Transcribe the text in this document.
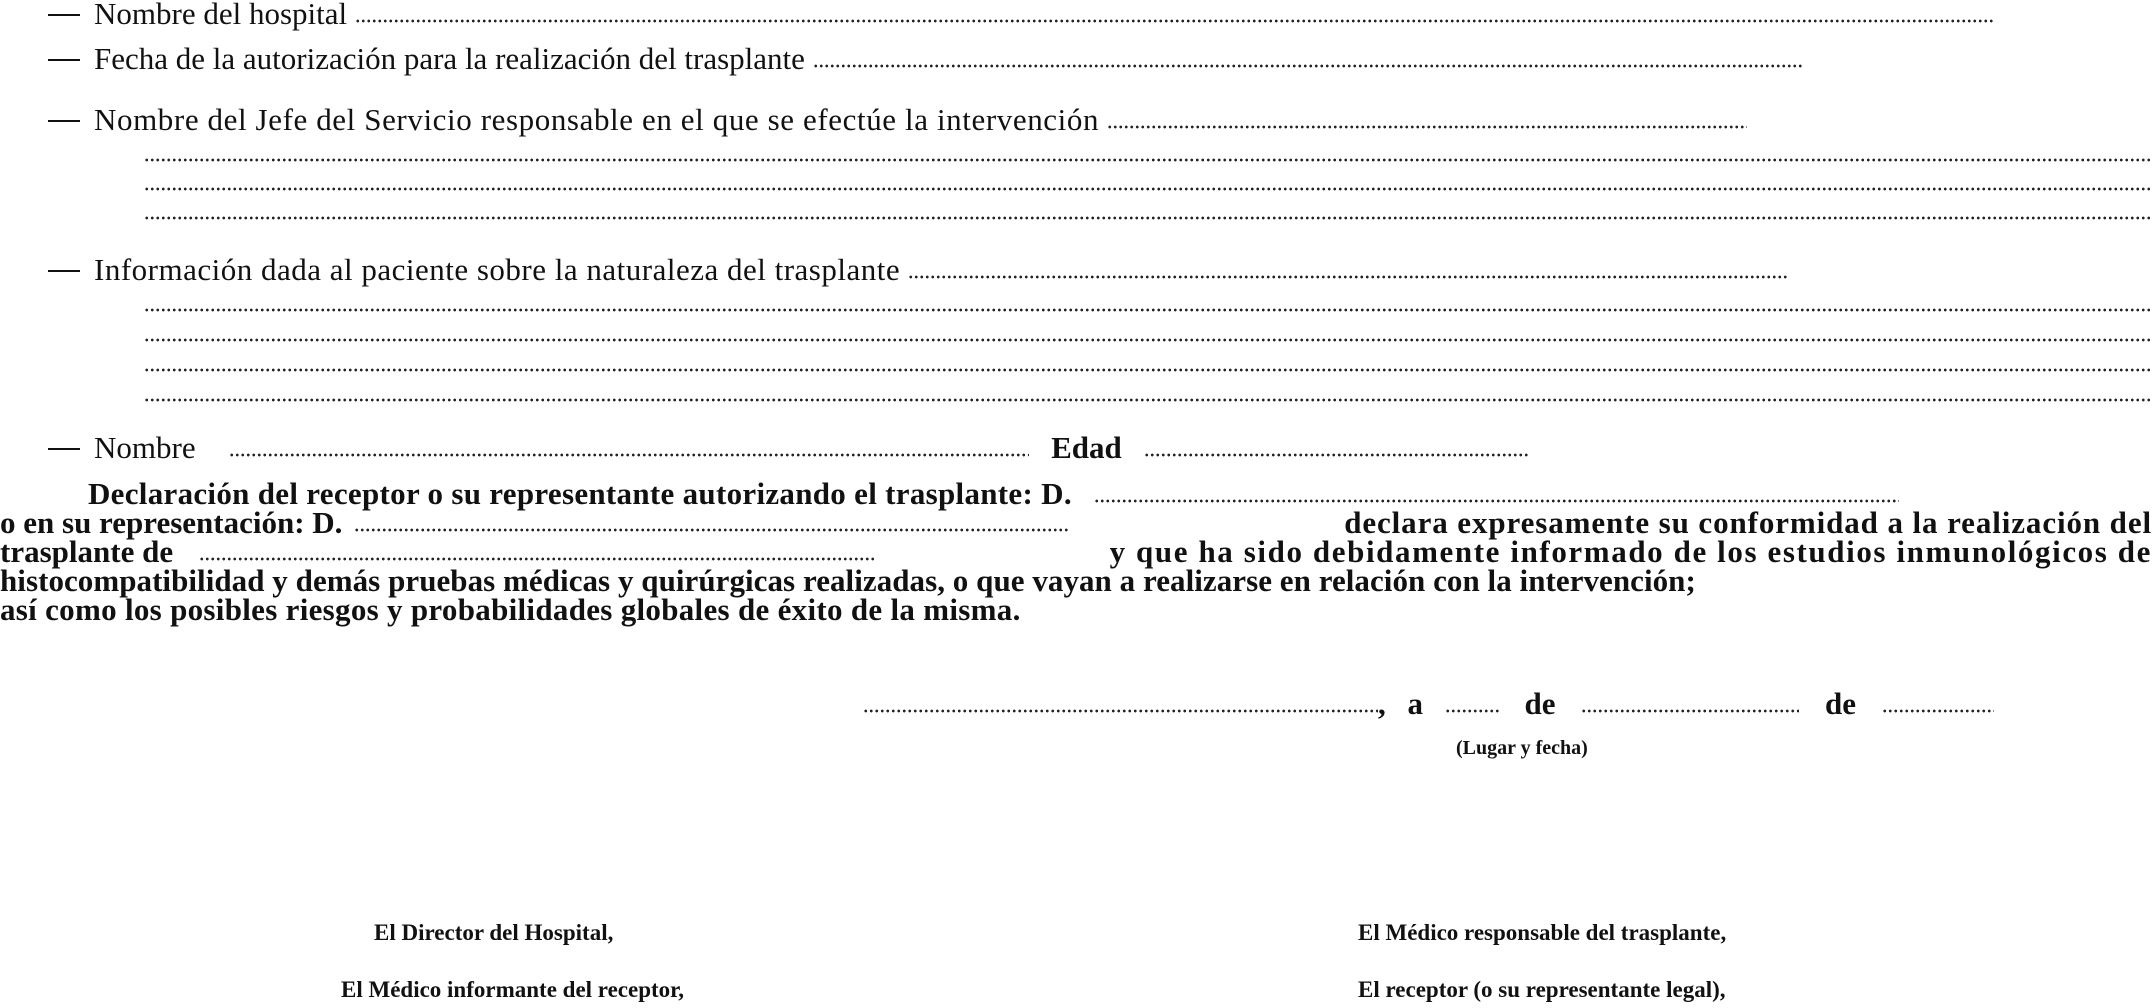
Nombre del hospital
Fecha de la autorización para la realización del trasplante
Nombre del Jefe del Servicio responsable en el que se efectúe la intervención
Información dada al paciente sobre la naturaleza del trasplante
Nombre	Edad
Declaración del receptor o su representante autorizando el trasplante: D.
o en su representación: D.	declara expresamente su conformidad a la realización del
trasplante de	y que ha sido debidamente informado de los estudios inmunológicos de
histocompatibilidad y demás pruebas médicas y quirúrgicas realizadas, o que vayan a realizarse en relación con la intervención;
así como los posibles riesgos y probabilidades globales de éxito de la misma.
, a	de	de
(Lugar y fecha)
El Director del Hospital,	El Médico responsable del trasplante,
El Médico informante del receptor,	El receptor (o su representante legal),
